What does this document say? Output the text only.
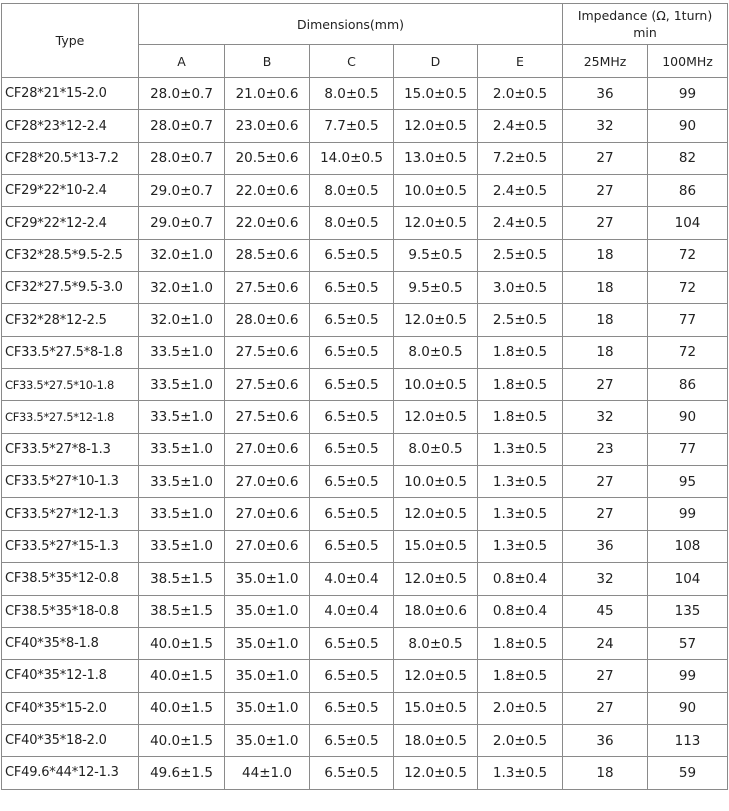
Type	Dimensions(mm)					Impedance (Ω, 1turn)
min	
	A	B	C	D	E	25MHz	100MHz
CF28*21*15-2.0	28.0±0.7	21.0±0.6	8.0±0.5	15.0±0.5	2.0±0.5	36	99
CF28*23*12-2.4	28.0±0.7	23.0±0.6	7.7±0.5	12.0±0.5	2.4±0.5	32	90
CF28*20.5*13-7.2	28.0±0.7	20.5±0.6	14.0±0.5	13.0±0.5	7.2±0.5	27	82
CF29*22*10-2.4	29.0±0.7	22.0±0.6	8.0±0.5	10.0±0.5	2.4±0.5	27	86
CF29*22*12-2.4	29.0±0.7	22.0±0.6	8.0±0.5	12.0±0.5	2.4±0.5	27	104
CF32*28.5*9.5-2.5	32.0±1.0	28.5±0.6	6.5±0.5	9.5±0.5	2.5±0.5	18	72
CF32*27.5*9.5-3.0	32.0±1.0	27.5±0.6	6.5±0.5	9.5±0.5	3.0±0.5	18	72
CF32*28*12-2.5	32.0±1.0	28.0±0.6	6.5±0.5	12.0±0.5	2.5±0.5	18	77
CF33.5*27.5*8-1.8	33.5±1.0	27.5±0.6	6.5±0.5	8.0±0.5	1.8±0.5	18	72
CF33.5*27.5*10-1.8	33.5±1.0	27.5±0.6	6.5±0.5	10.0±0.5	1.8±0.5	27	86
CF33.5*27.5*12-1.8	33.5±1.0	27.5±0.6	6.5±0.5	12.0±0.5	1.8±0.5	32	90
CF33.5*27*8-1.3	33.5±1.0	27.0±0.6	6.5±0.5	8.0±0.5	1.3±0.5	23	77
CF33.5*27*10-1.3	33.5±1.0	27.0±0.6	6.5±0.5	10.0±0.5	1.3±0.5	27	95
CF33.5*27*12-1.3	33.5±1.0	27.0±0.6	6.5±0.5	12.0±0.5	1.3±0.5	27	99
CF33.5*27*15-1.3	33.5±1.0	27.0±0.6	6.5±0.5	15.0±0.5	1.3±0.5	36	108
CF38.5*35*12-0.8	38.5±1.5	35.0±1.0	4.0±0.4	12.0±0.5	0.8±0.4	32	104
CF38.5*35*18-0.8	38.5±1.5	35.0±1.0	4.0±0.4	18.0±0.6	0.8±0.4	45	135
CF40*35*8-1.8	40.0±1.5	35.0±1.0	6.5±0.5	8.0±0.5	1.8±0.5	24	57
CF40*35*12-1.8	40.0±1.5	35.0±1.0	6.5±0.5	12.0±0.5	1.8±0.5	27	99
CF40*35*15-2.0	40.0±1.5	35.0±1.0	6.5±0.5	15.0±0.5	2.0±0.5	27	90
CF40*35*18-2.0	40.0±1.5	35.0±1.0	6.5±0.5	18.0±0.5	2.0±0.5	36	113
CF49.6*44*12-1.3	49.6±1.5	44±1.0	6.5±0.5	12.0±0.5	1.3±0.5	18	59
